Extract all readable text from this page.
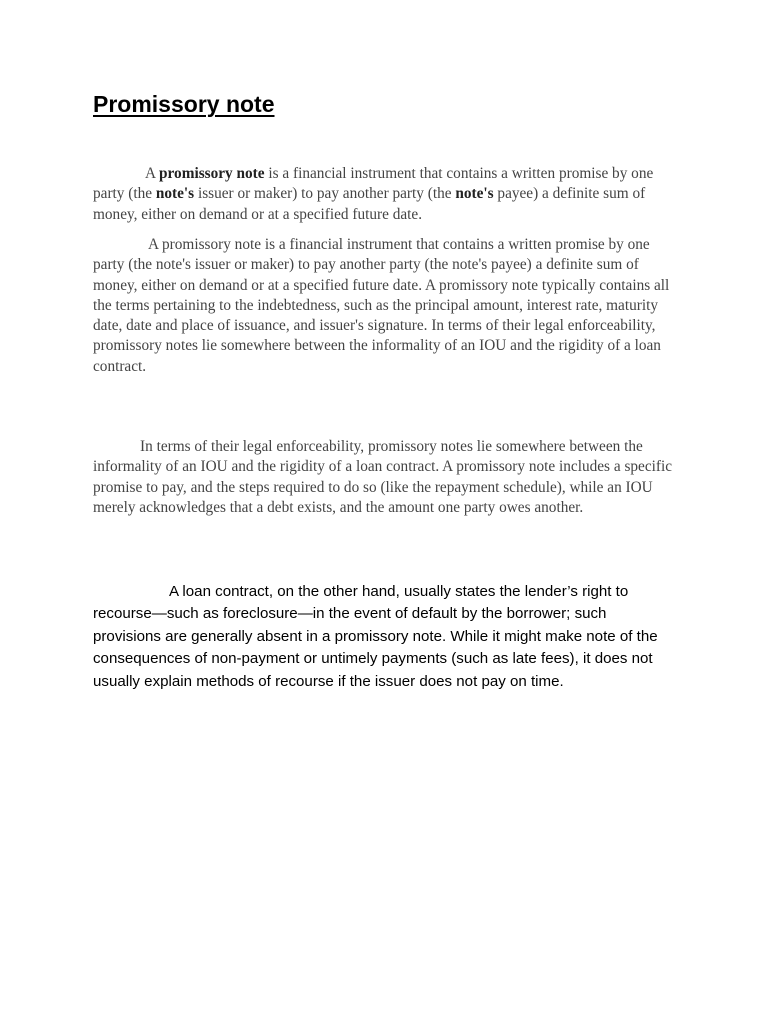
Promissory note

A promissory note is a financial instrument that contains a written promise by one party (the note's issuer or maker) to pay another party (the note's payee) a definite sum of money, either on demand or at a specified future date.

A promissory note is a financial instrument that contains a written promise by one party (the note's issuer or maker) to pay another party (the note's payee) a definite sum of money, either on demand or at a specified future date. A promissory note typically contains all the terms pertaining to the indebtedness, such as the principal amount, interest rate, maturity date, date and place of issuance, and issuer's signature. In terms of their legal enforceability, promissory notes lie somewhere between the informality of an IOU and the rigidity of a loan contract.

In terms of their legal enforceability, promissory notes lie somewhere between the informality of an IOU and the rigidity of a loan contract. A promissory note includes a specific promise to pay, and the steps required to do so (like the repayment schedule), while an IOU merely acknowledges that a debt exists, and the amount one party owes another.

A loan contract, on the other hand, usually states the lender’s right to recourse—such as foreclosure—in the event of default by the borrower; such provisions are generally absent in a promissory note. While it might make note of the consequences of non-payment or untimely payments (such as late fees), it does not usually explain methods of recourse if the issuer does not pay on time.
